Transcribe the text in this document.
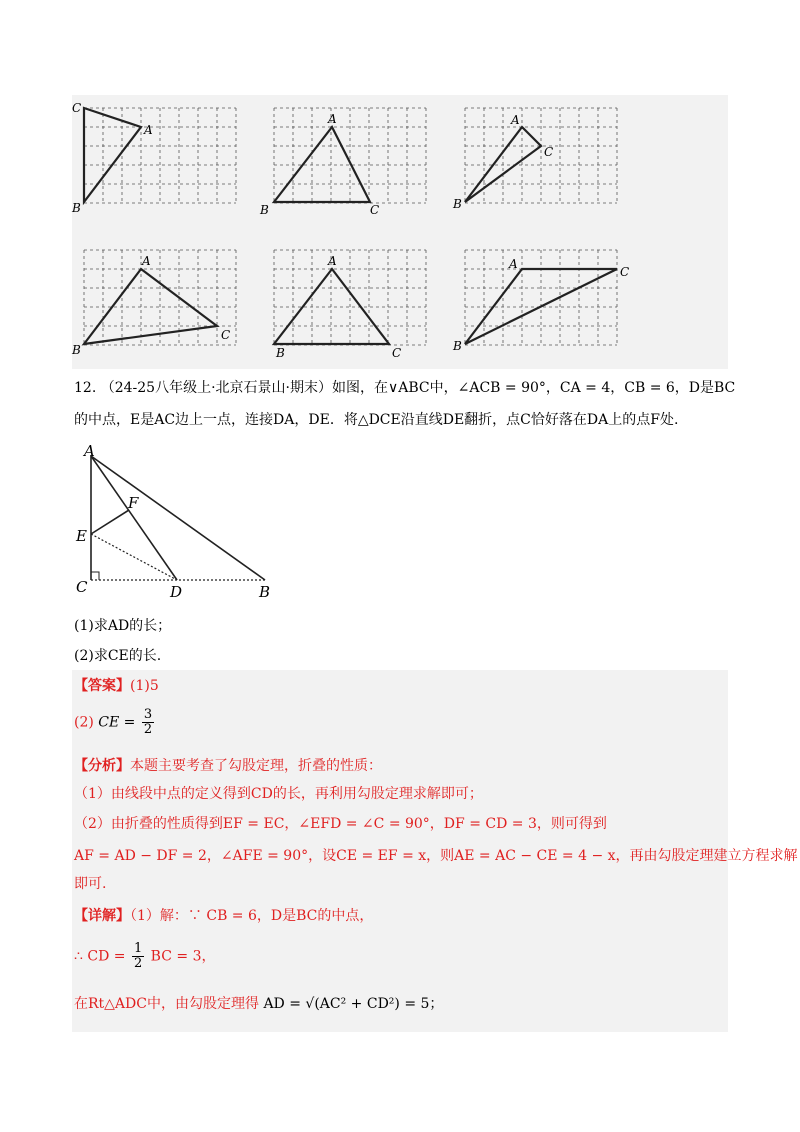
C
A
B
A
B	C
A
C
B
A
C
B
A
B	C
A
C
B
12. （24-25八年级上·北京石景山·期末）如图，在∨ABC中，∠ACB = 90°，CA = 4，CB = 6，D是BC
的中点，E是AC边上一点，连接DA，DE．将△DCE沿直线DE翻折，点C恰好落在DA上的点F处.
A
F
E
C	D	B
(1)求AD的长；
(2)求CE的长.
【答案】(1)5
(2) CE = $\frac{3}{2}$
【分析】本题主要考查了勾股定理，折叠的性质：
（1）由线段中点的定义得到CD的长，再利用勾股定理求解即可；
（2）由折叠的性质得到EF = EC，∠EFD = ∠C = 90°，DF = CD = 3，则可得到
AF = AD − DF = 2，∠AFE = 90°，设CE = EF = x，则AE = AC − CE = 4 − x，再由勾股定理建立方程求解
即可.
【详解】（1）解：∵ CB = 6，D是BC的中点，
∴ CD = $\frac{1}{2}$ BC = 3，
在Rt△ADC中，由勾股定理得 AD = √(AC² + CD²) = 5；
